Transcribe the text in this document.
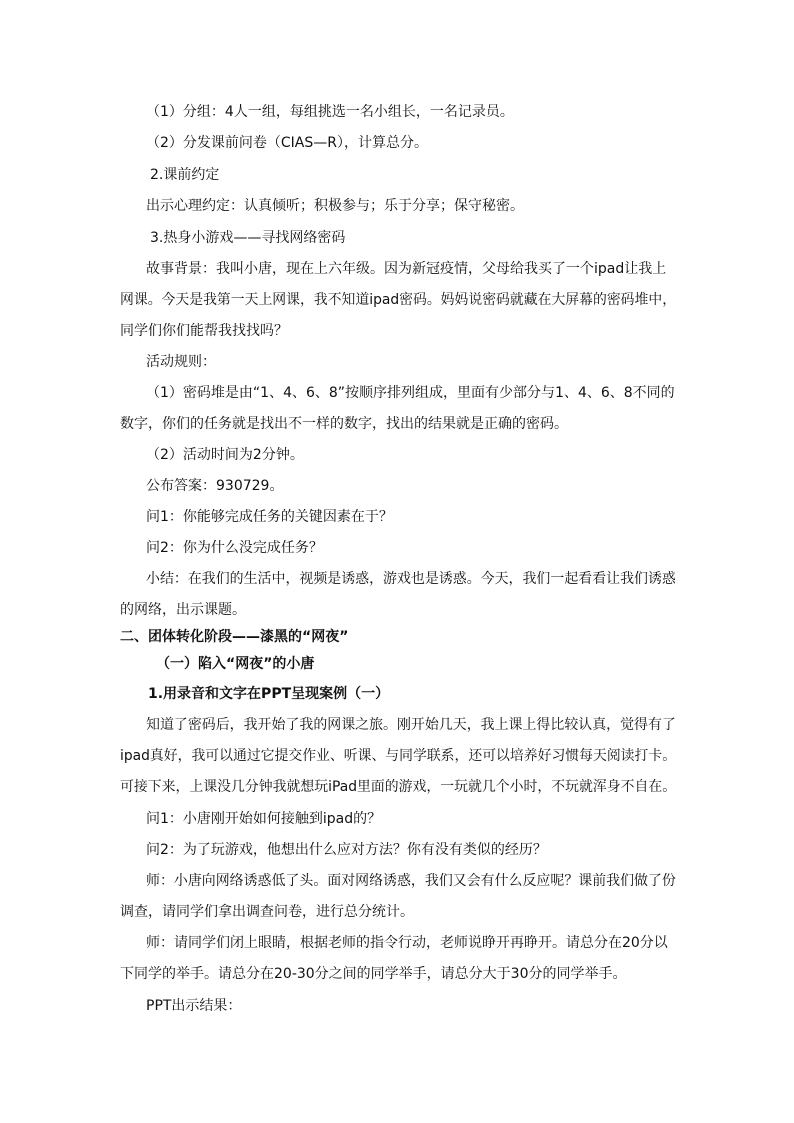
（1）分组：4人一组，每组挑选一名小组长，一名记录员。
（2）分发课前问卷（CIAS—R），计算总分。
2.课前约定
出示心理约定：认真倾听；积极参与；乐于分享；保守秘密。
3.热身小游戏——寻找网络密码
故事背景：我叫小唐，现在上六年级。因为新冠疫情，父母给我买了一个ipad让我上
网课。今天是我第一天上网课，我不知道ipad密码。妈妈说密码就藏在大屏幕的密码堆中，
同学们你们能帮我找找吗？
活动规则：
（1）密码堆是由“1、4、6、8”按顺序排列组成，里面有少部分与1、4、6、8不同的
数字，你们的任务就是找出不一样的数字，找出的结果就是正确的密码。
（2）活动时间为2分钟。
公布答案：930729。
问1：你能够完成任务的关键因素在于？
问2：你为什么没完成任务？
小结：在我们的生活中，视频是诱惑，游戏也是诱惑。今天，我们一起看看让我们诱惑
的网络，出示课题。
二、团体转化阶段——漆黑的“网夜”
（一）陷入“网夜”的小唐
1.用录音和文字在PPT呈现案例（一）
知道了密码后，我开始了我的网课之旅。刚开始几天，我上课上得比较认真，觉得有了
ipad真好，我可以通过它提交作业、听课、与同学联系，还可以培养好习惯每天阅读打卡。
可接下来，上课没几分钟我就想玩iPad里面的游戏，一玩就几个小时，不玩就浑身不自在。
问1：小唐刚开始如何接触到ipad的？
问2：为了玩游戏，他想出什么应对方法？你有没有类似的经历？
师：小唐向网络诱惑低了头。面对网络诱惑，我们又会有什么反应呢？课前我们做了份
调查，请同学们拿出调查问卷，进行总分统计。
师：请同学们闭上眼睛，根据老师的指令行动，老师说睁开再睁开。请总分在20分以
下同学的举手。请总分在20-30分之间的同学举手，请总分大于30分的同学举手。
PPT出示结果：
